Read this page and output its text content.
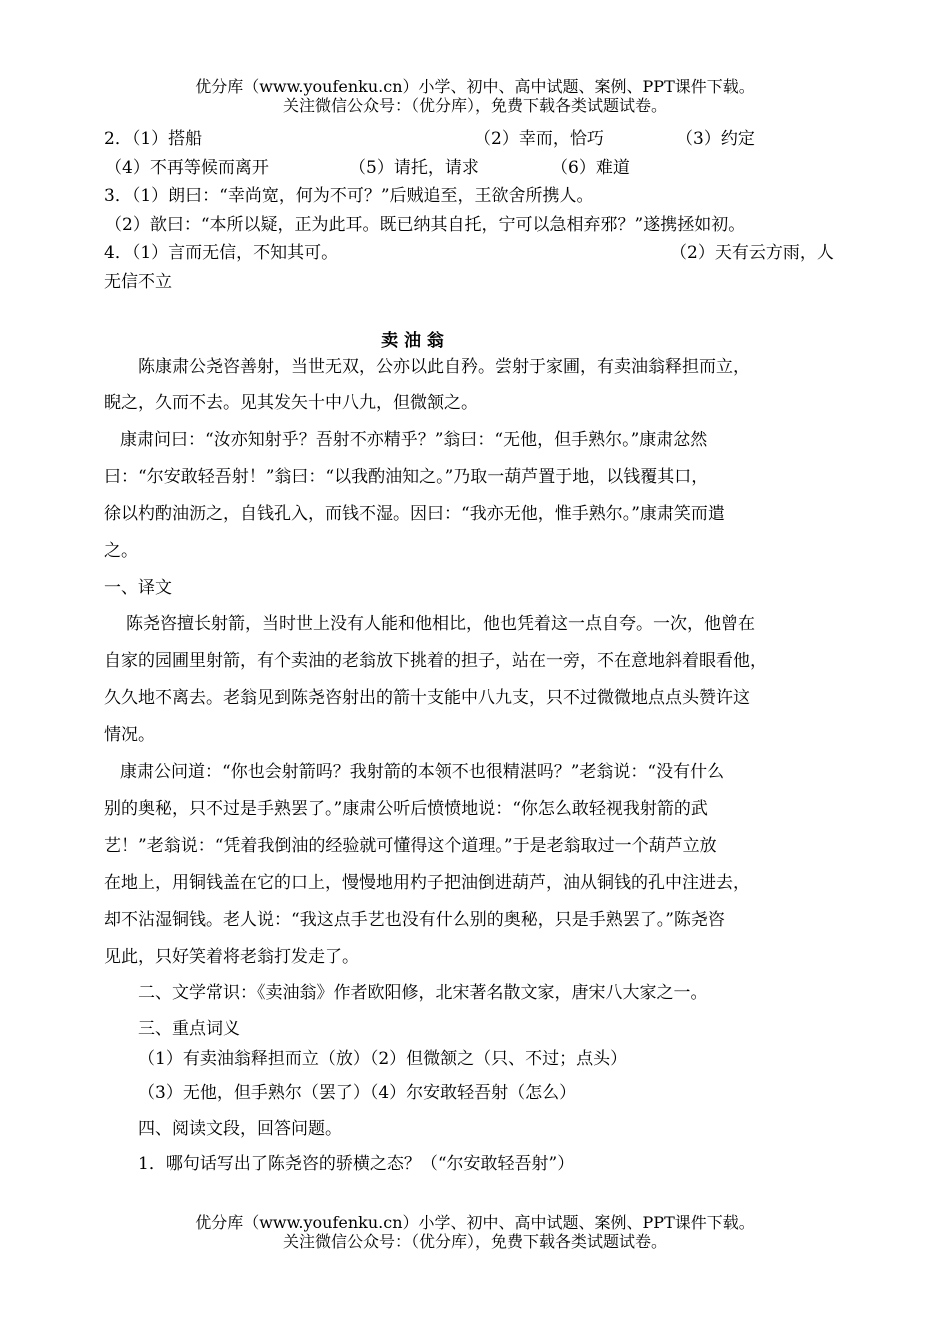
优分库（www.youfenku.cn）小学、初中、高中试题、案例、PPT课件下载。
关注微信公众号：（优分库），免费下载各类试题试卷。
2．（1）搭船	（2）幸而，恰巧	（3）约定
（4）不再等候而离开	（5）请托，请求	（6）难道
3．（1）朗曰：“幸尚宽，何为不可？”后贼追至，王欲舍所携人。
（2）歆曰：“本所以疑，正为此耳。既已纳其自托，宁可以急相弃邪？”遂携拯如初。
4．（1）言而无信，不知其可。	（2）天有云方雨，人
无信不立
卖 油 翁
陈康肃公尧咨善射，当世无双，公亦以此自矜。尝射于家圃，有卖油翁释担而立，
睨之，久而不去。见其发矢十中八九，但微颔之。
康肃问曰：“汝亦知射乎？吾射不亦精乎？”翁曰：“无他，但手熟尔。”康肃忿然
曰：“尔安敢轻吾射！”翁曰：“以我酌油知之。”乃取一葫芦置于地，以钱覆其口，
徐以杓酌油沥之，自钱孔入，而钱不湿。因曰：“我亦无他，惟手熟尔。”康肃笑而遣
之。
一、译文
陈尧咨擅长射箭，当时世上没有人能和他相比，他也凭着这一点自夸。一次，他曾在
自家的园圃里射箭，有个卖油的老翁放下挑着的担子，站在一旁，不在意地斜着眼看他，
久久地不离去。老翁见到陈尧咨射出的箭十支能中八九支，只不过微微地点点头赞许这
情况。
康肃公问道：“你也会射箭吗？我射箭的本领不也很精湛吗？”老翁说：“没有什么
别的奥秘，只不过是手熟罢了。”康肃公听后愤愤地说：“你怎么敢轻视我射箭的武
艺！”老翁说：“凭着我倒油的经验就可懂得这个道理。”于是老翁取过一个葫芦立放
在地上，用铜钱盖在它的口上，慢慢地用杓子把油倒进葫芦，油从铜钱的孔中注进去，
却不沾湿铜钱。老人说：“我这点手艺也没有什么别的奥秘，只是手熟罢了。”陈尧咨
见此，只好笑着将老翁打发走了。
二、文学常识：《卖油翁》作者欧阳修，北宋著名散文家，唐宋八大家之一。
三、重点词义
（1）有卖油翁释担而立（放）（2）但微颔之（只、不过；点头）
（3）无他，但手熟尔（罢了）（4）尔安敢轻吾射（怎么）
四、阅读文段，回答问题。
1．哪句话写出了陈尧咨的骄横之态？（“尔安敢轻吾射”）
优分库（www.youfenku.cn）小学、初中、高中试题、案例、PPT课件下载。
关注微信公众号：（优分库），免费下载各类试题试卷。
